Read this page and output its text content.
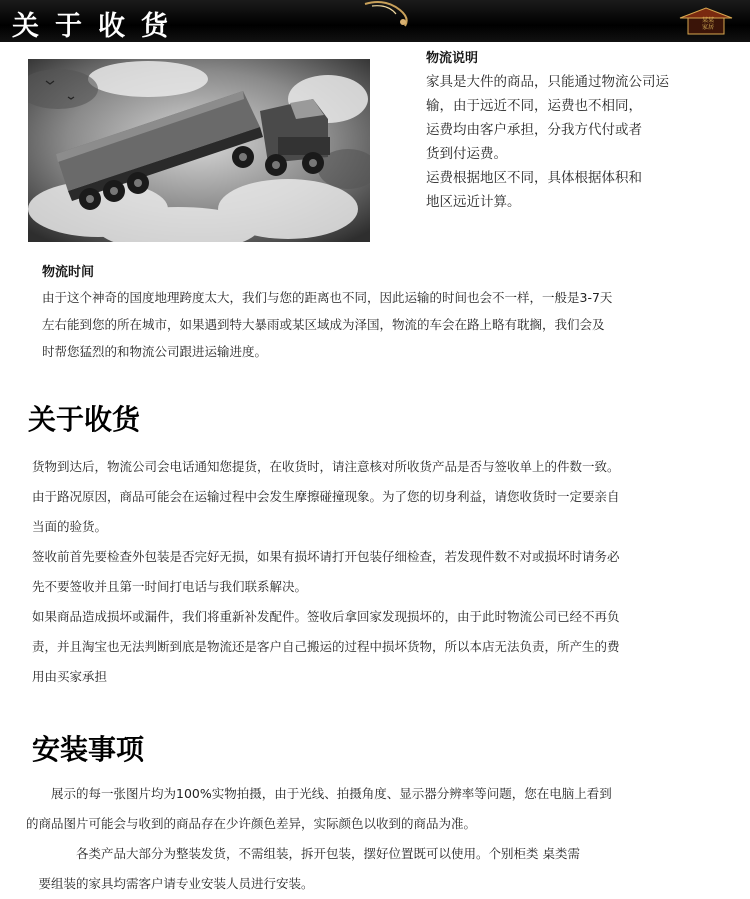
关于收货	某某
家居
物流说明

家具是大件的商品，只能通过物流公司运

输，由于远近不同，运费也不相同，

运费均由客户承担，分我方代付或者

货到付运费。

运费根据地区不同，具体根据体积和

地区远近计算。

物流时间

由于这个神奇的国度地理跨度太大，我们与您的距离也不同，因此运输的时间也会不一样，一般是3-7天

左右能到您的所在城市，如果遇到特大暴雨或某区域成为泽国，物流的车会在路上略有耽搁，我们会及

时帮您猛烈的和物流公司跟进运输进度。

关于收货

货物到达后，物流公司会电话通知您提货，在收货时，请注意核对所收货产品是否与签收单上的件数一致。

由于路况原因，商品可能会在运输过程中会发生摩擦碰撞现象。为了您的切身利益，请您收货时一定要亲自

当面的验货。

签收前首先要检查外包装是否完好无损，如果有损坏请打开包装仔细检查，若发现件数不对或损坏时请务必

先不要签收并且第一时间打电话与我们联系解决。

如果商品造成损坏或漏件，我们将重新补发配件。签收后拿回家发现损坏的，由于此时物流公司已经不再负

责，并且淘宝也无法判断到底是物流还是客户自己搬运的过程中损坏货物，所以本店无法负责，所产生的费

用由买家承担

安装事项

　　展示的每一张图片均为100%实物拍摄，由于光线、拍摄角度、显示器分辨率等问题，您在电脑上看到

的商品图片可能会与收到的商品存在少许颜色差异，实际颜色以收到的商品为准。

　　　　各类产品大部分为整装发货，不需组装，拆开包装，摆好位置既可以使用。个别柜类 桌类需

　要组装的家具均需客户请专业安装人员进行安装。
